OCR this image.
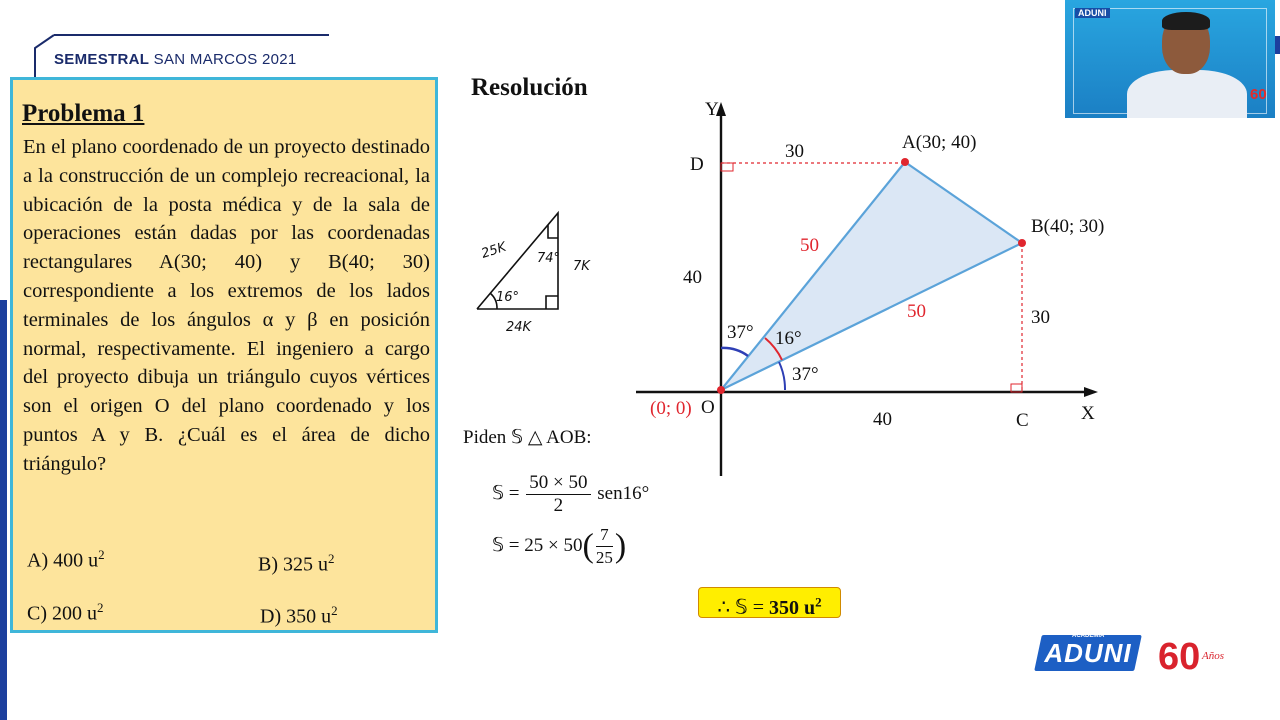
SEMESTRAL SAN MARCOS 2021
Problema 1
En el plano coordenado de un proyecto destinado a la construcción de un complejo recreacional, la ubicación de la posta médica y de la sala de operaciones están dadas por las coordenadas rectangulares A(30; 40) y B(40; 30) correspondiente a los extremos de los lados terminales de los ángulos α y β en posición normal, respectivamente. El ingeniero a cargo del proyecto dibuja un triángulo cuyos vértices son el origen O del plano coordenado y los puntos A y B. ¿Cuál es el área de dicho triángulo?
A) 400 $u^2$	B) 325 $u^2$
C) 200 $u^2$	D) 350 $u^2$
Resolución
25K 74°
7K
16°
24K
Y
X
D
A(30; 40)
B(40; 30)
O
C
30
40
30
40
37° 16°
37°
(0; 0)
50
50
Piden 𝕊 △ AOB:
𝕊 = $\frac{50 \times 50}{2} sen16^\circ$
𝕊 = $25 \times 50( \frac{7}{25}$ )
∴ 𝕊 = 350 $u^2$
ADUNI
60
ACADEMIA
ADUNI 60 Años
